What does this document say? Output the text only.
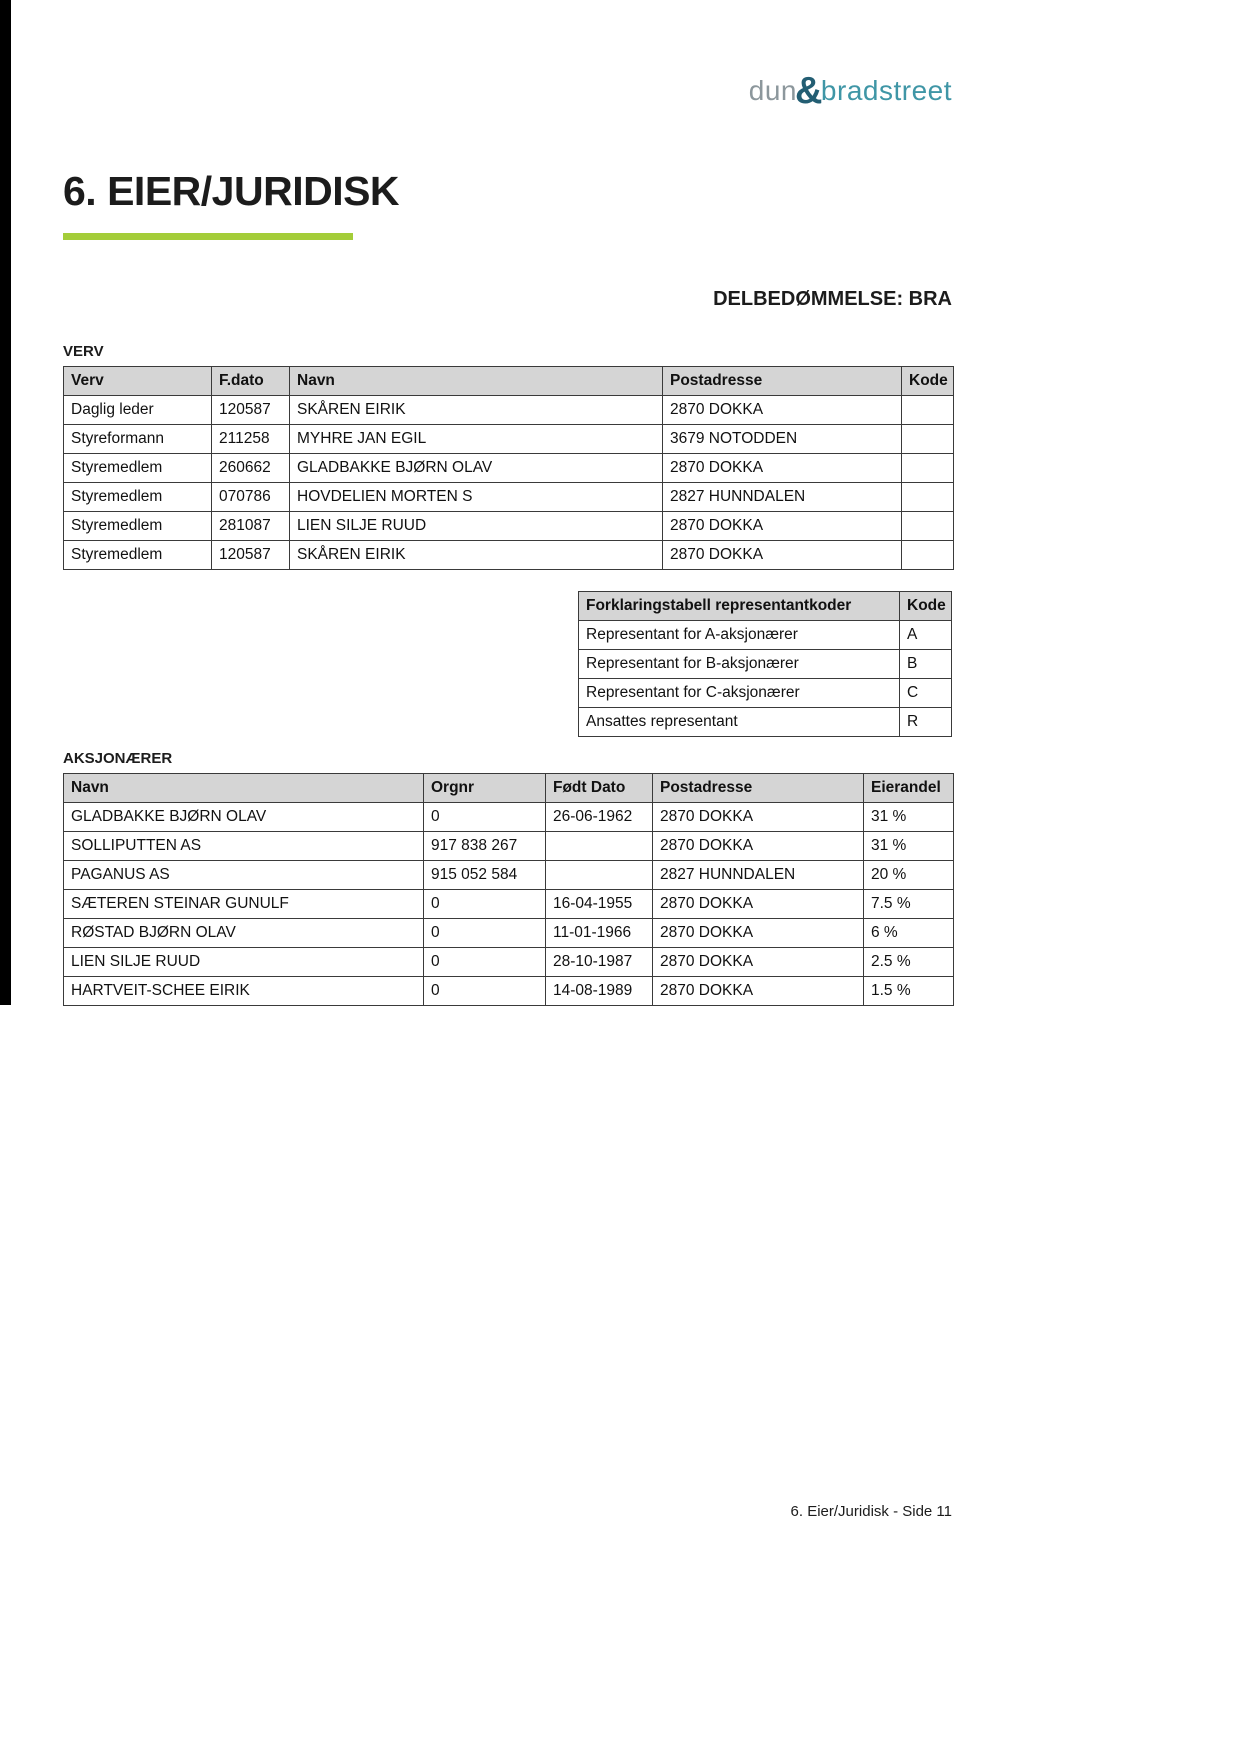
dun&bradstreet
6. EIER/JURIDISK
DELBEDØMMELSE: BRA
VERV
Verv	F.dato	Navn	Postadresse	Kode
Daglig leder	120587	SKÅREN EIRIK	2870 DOKKA	
Styreformann	211258	MYHRE JAN EGIL	3679 NOTODDEN	
Styremedlem	260662	GLADBAKKE BJØRN OLAV	2870 DOKKA	
Styremedlem	070786	HOVDELIEN MORTEN S	2827 HUNNDALEN	
Styremedlem	281087	LIEN SILJE RUUD	2870 DOKKA	
Styremedlem	120587	SKÅREN EIRIK	2870 DOKKA	
Forklaringstabell representantkoder	Kode
Representant for A-aksjonærer	A
Representant for B-aksjonærer	B
Representant for C-aksjonærer	C
Ansattes representant	R
AKSJONÆRER
Navn	Orgnr	Født Dato	Postadresse	Eierandel
GLADBAKKE BJØRN OLAV	0	26-06-1962	2870 DOKKA	31 %
SOLLIPUTTEN AS	917 838 267		2870 DOKKA	31 %
PAGANUS AS	915 052 584		2827 HUNNDALEN	20 %
SÆTEREN STEINAR GUNULF	0	16-04-1955	2870 DOKKA	7.5 %
RØSTAD BJØRN OLAV	0	11-01-1966	2870 DOKKA	6 %
LIEN SILJE RUUD	0	28-10-1987	2870 DOKKA	2.5 %
HARTVEIT-SCHEE EIRIK	0	14-08-1989	2870 DOKKA	1.5 %
6. Eier/Juridisk - Side 11
